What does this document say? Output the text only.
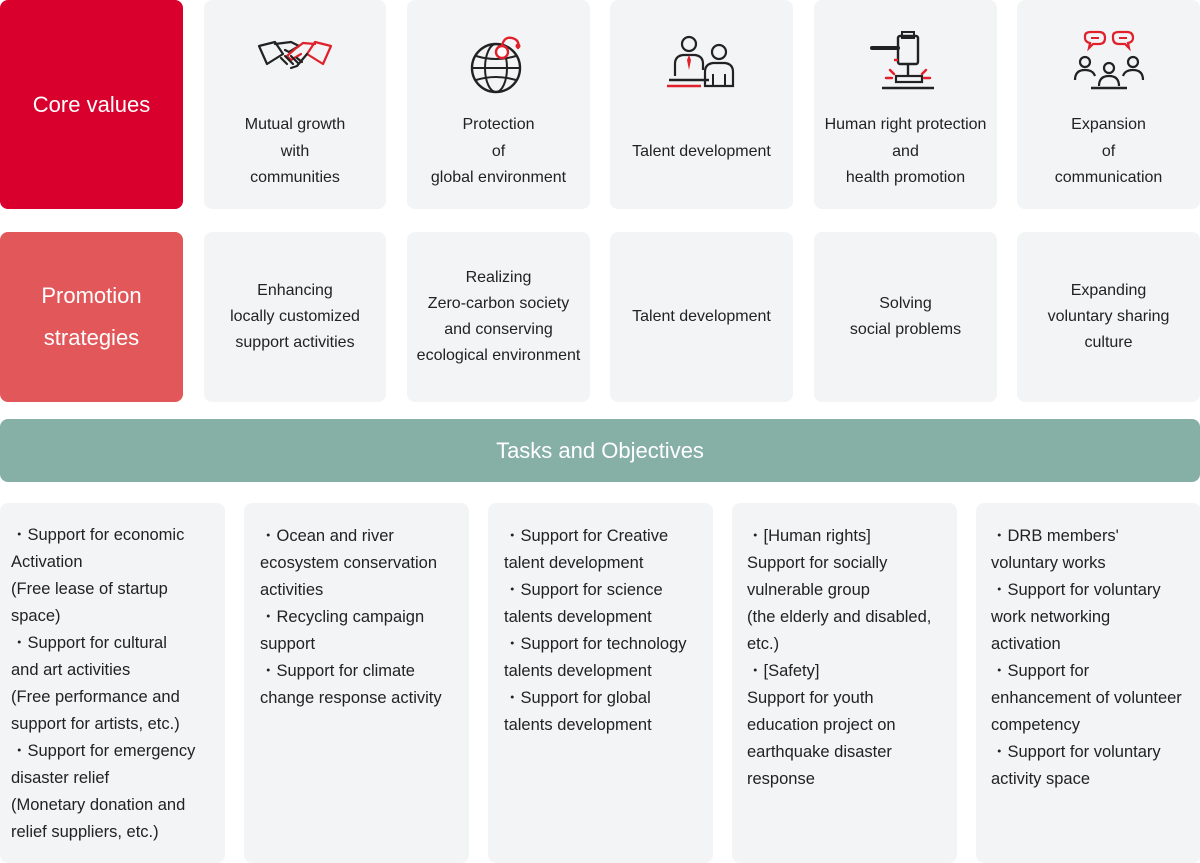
Core values
Mutual growth
with
communities
Protection
of
global environment
Talent development
Human right protection
and
health promotion
Expansion
of
communication
Promotion
strategies
Enhancing
locally customized
support activities
Realizing
Zero-carbon society
and conserving
ecological environment
Talent development
Solving
social problems
Expanding
voluntary sharing
culture
Tasks and Objectives
・Support for economic
Activation
(Free lease of startup
space)
・Support for cultural
and art activities
(Free performance and
support for artists, etc.)
・Support for emergency
disaster relief
(Monetary donation and
relief suppliers, etc.)
・Ocean and river
ecosystem conservation
activities
・Recycling campaign
support
・Support for climate
change response activity
・Support for Creative
talent development
・Support for science
talents development
・Support for technology
talents development
・Support for global
talents development
・[Human rights]
Support for socially
vulnerable group
(the elderly and disabled,
etc.)
・[Safety]
Support for youth
education project on
earthquake disaster
response
・DRB members'
voluntary works
・Support for voluntary
work networking
activation
・Support for
enhancement of volunteer
competency
・Support for voluntary
activity space
